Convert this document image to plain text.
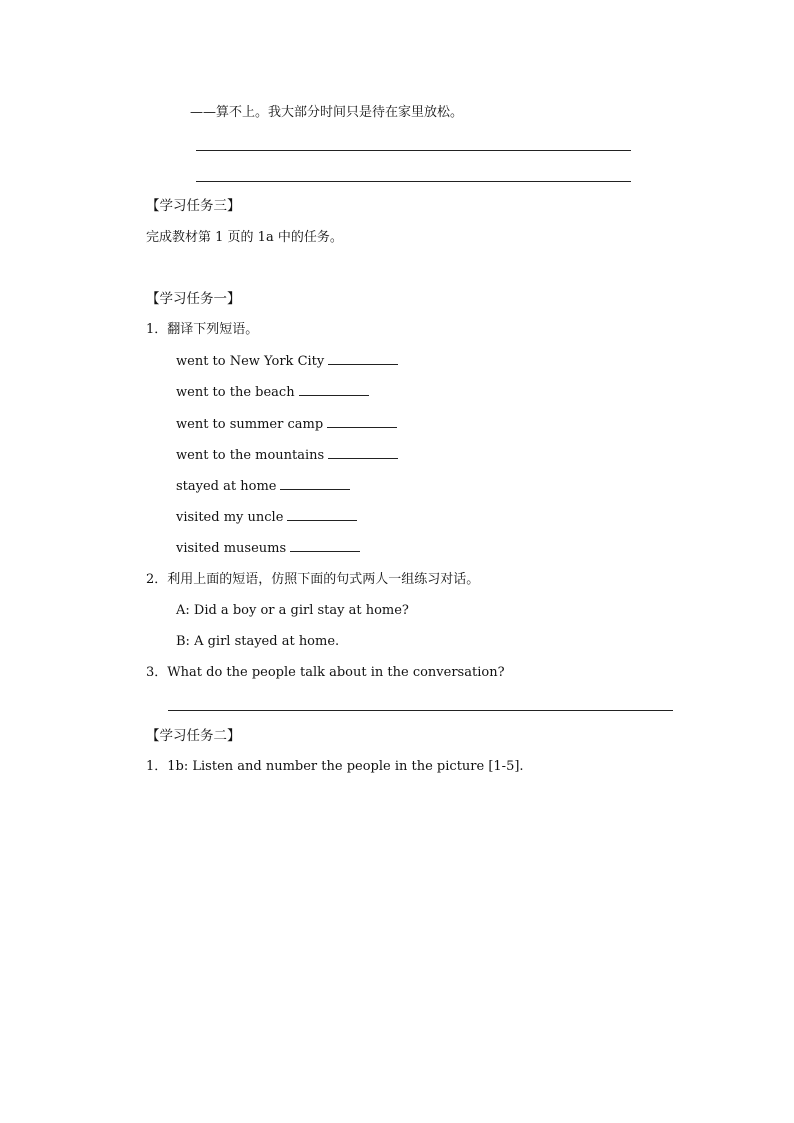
——算不上。我大部分时间只是待在家里放松。
【学习任务三】
完成教材第 1 页的 1a 中的任务。
【学习任务一】
1．翻译下列短语。
went to New York City
went to the beach
went to summer camp
went to the mountains
stayed at home
visited my uncle
visited museums
2．利用上面的短语，仿照下面的句式两人一组练习对话。
A: Did a boy or a girl stay at home?
B: A girl stayed at home.
3．What do the people talk about in the conversation?
【学习任务二】
1．1b: Listen and number the people in the picture [1-5].
